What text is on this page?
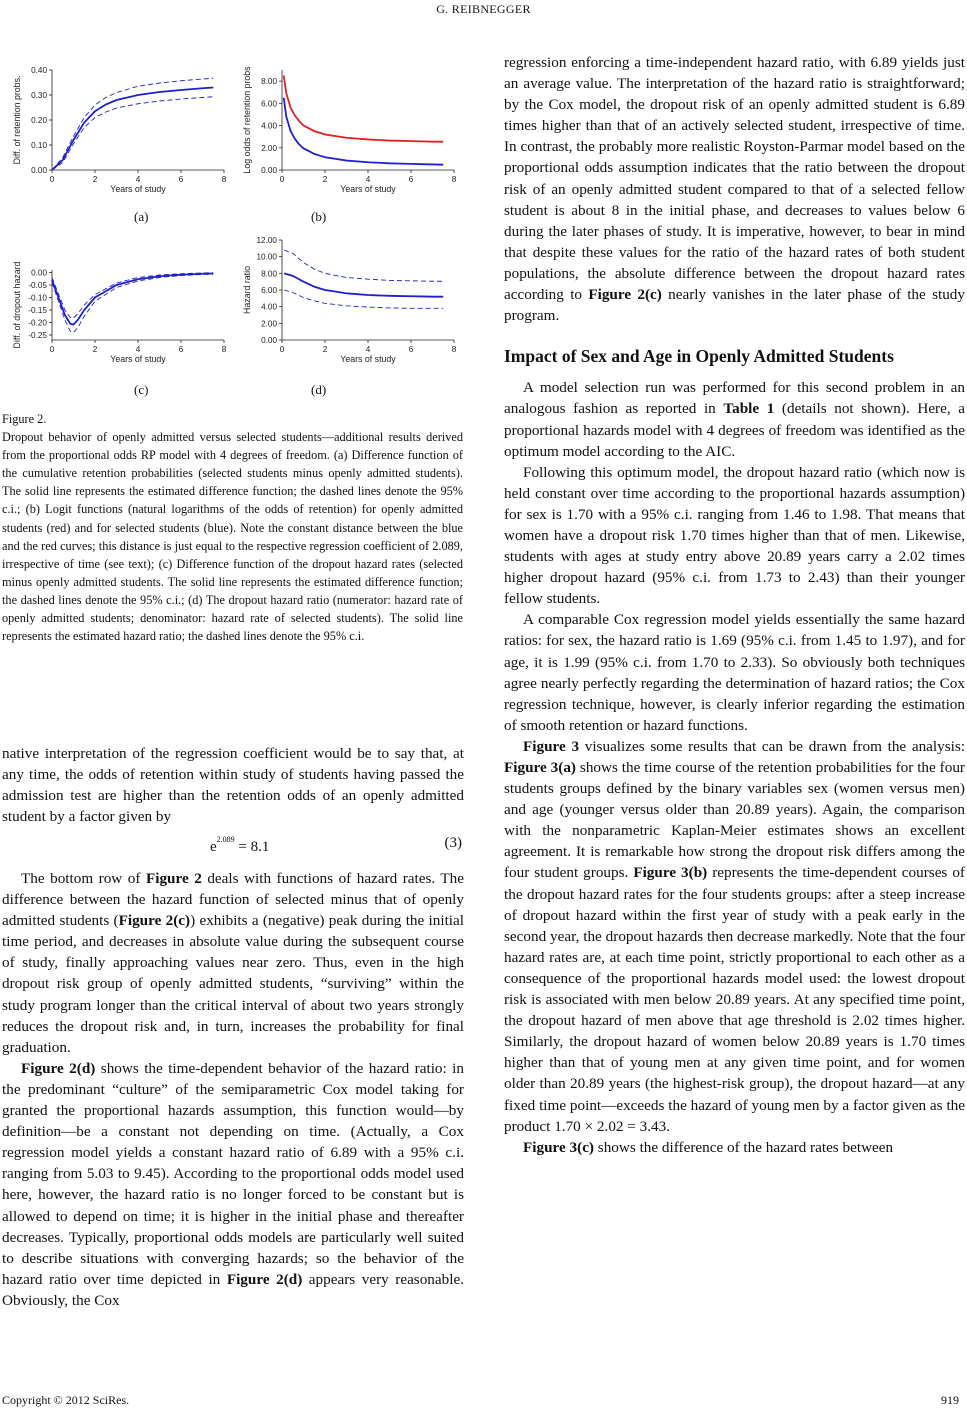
G. REIBNEGGER
0.40
0.30
0.20
0.10
0.00
0	2	4	6	8
Years of study
Diff. of retention probs.	8.00
6.00
4.00
2.00
0.00
0	2	4	6	8
Years of study
Log odds of retention probs
0.00
-0.05
-0.10
-0.15
-0.20
-0.25
0	2	4	6	8
Years of study
Diff. of dropout hazard
12.00
10.00
8.00
6.00
4.00
2.00
0.00
0	2	4	6	8
Years of study
Hazard ratio
(a)	(b)
(c)	(d)
Figure 2.
Dropout behavior of openly admitted versus selected students—additional results derived from the proportional odds RP model with 4 degrees of freedom. (a) Difference function of the cumulative retention probabilities (selected students minus openly admitted students). The solid line represents the estimated difference function; the dashed lines denote the 95% c.i.; (b) Logit functions (natural logarithms of the odds of retention) for openly admitted students (red) and for selected students (blue). Note the constant distance between the blue and the red curves; this distance is just equal to the respective regression coefficient of 2.089, irrespective of time (see text); (c) Difference function of the dropout hazard rates (selected minus openly admitted students. The solid line represents the estimated difference function; the dashed lines denote the 95% c.i.; (d) The dropout hazard ratio (numerator: hazard rate of openly admitted students; denominator: hazard rate of selected students). The solid line represents the estimated hazard ratio; the dashed lines denote the 95% c.i.

native interpretation of the regression coefficient would be to say that, at any time, the odds of retention within study of students having passed the admission test are higher than the retention odds of an openly admitted student by a factor given by

$e^{2.089} = 8.1$	(3)

The bottom row of Figure 2 deals with functions of hazard rates. The difference between the hazard function of selected minus that of openly admitted students (Figure 2(c)) exhibits a (negative) peak during the initial time period, and decreases in absolute value during the subsequent course of study, finally approaching values near zero. Thus, even in the high dropout risk group of openly admitted students, “surviving” within the study program longer than the critical interval of about two years strongly reduces the dropout risk and, in turn, increases the probability for final graduation.

Figure 2(d) shows the time-dependent behavior of the hazard ratio: in the predominant “culture” of the semiparametric Cox model taking for granted the proportional hazards assumption, this function would—by definition—be a constant not depending on time. (Actually, a Cox regression model yields a constant hazard ratio of 6.89 with a 95% c.i. ranging from 5.03 to 9.45). According to the proportional odds model used here, however, the hazard ratio is no longer forced to be constant but is allowed to depend on time; it is higher in the initial phase and thereafter decreases. Typically, proportional odds models are particularly well suited to describe situations with converging hazards; so the behavior of the hazard ratio over time depicted in Figure 2(d) appears very reasonable. Obviously, the Cox

regression enforcing a time-independent hazard ratio, with 6.89 yields just an average value. The interpretation of the hazard ratio is straightforward; by the Cox model, the dropout risk of an openly admitted student is 6.89 times higher than that of an actively selected student, irrespective of time. In contrast, the probably more realistic Royston-Parmar model based on the proportional odds assumption indicates that the ratio between the dropout risk of an openly admitted student compared to that of a selected fellow student is about 8 in the initial phase, and decreases to values below 6 during the later phases of study. It is imperative, however, to bear in mind that despite these values for the ratio of the hazard rates of both student populations, the absolute difference between the dropout hazard rates according to Figure 2(c) nearly vanishes in the later phase of the study program.

Impact of Sex and Age in Openly Admitted Students

A model selection run was performed for this second problem in an analogous fashion as reported in Table 1 (details not shown). Here, a proportional hazards model with 4 degrees of freedom was identified as the optimum model according to the AIC.

Following this optimum model, the dropout hazard ratio (which now is held constant over time according to the proportional hazards assumption) for sex is 1.70 with a 95% c.i. ranging from 1.46 to 1.98. That means that women have a dropout risk 1.70 times higher than that of men. Likewise, students with ages at study entry above 20.89 years carry a 2.02 times higher dropout hazard (95% c.i. from 1.73 to 2.43) than their younger fellow students.

A comparable Cox regression model yields essentially the same hazard ratios: for sex, the hazard ratio is 1.69 (95% c.i. from 1.45 to 1.97), and for age, it is 1.99 (95% c.i. from 1.70 to 2.33). So obviously both techniques agree nearly perfectly regarding the determination of hazard ratios; the Cox regression technique, however, is clearly inferior regarding the estimation of smooth retention or hazard functions.

Figure 3 visualizes some results that can be drawn from the analysis: Figure 3(a) shows the time course of the retention probabilities for the four students groups defined by the binary variables sex (women versus men) and age (younger versus older than 20.89 years). Again, the comparison with the nonparametric Kaplan-Meier estimates shows an excellent agreement. It is remarkable how strong the dropout risk differs among the four student groups. Figure 3(b) represents the time-dependent courses of the dropout hazard rates for the four students groups: after a steep increase of dropout hazard within the first year of study with a peak early in the second year, the dropout hazards then decrease markedly. Note that the four hazard rates are, at each time point, strictly proportional to each other as a consequence of the proportional hazards model used: the lowest dropout risk is associated with men below 20.89 years. At any specified time point, the dropout hazard of men above that age threshold is 2.02 times higher. Similarly, the dropout hazard of women below 20.89 years is 1.70 times higher than that of young men at any given time point, and for women older than 20.89 years (the highest-risk group), the dropout hazard—at any fixed time point—exceeds the hazard of young men by a factor given as the product 1.70 × 2.02 = 3.43.

Figure 3(c) shows the difference of the hazard rates between

Copyright © 2012 SciRes.	919
